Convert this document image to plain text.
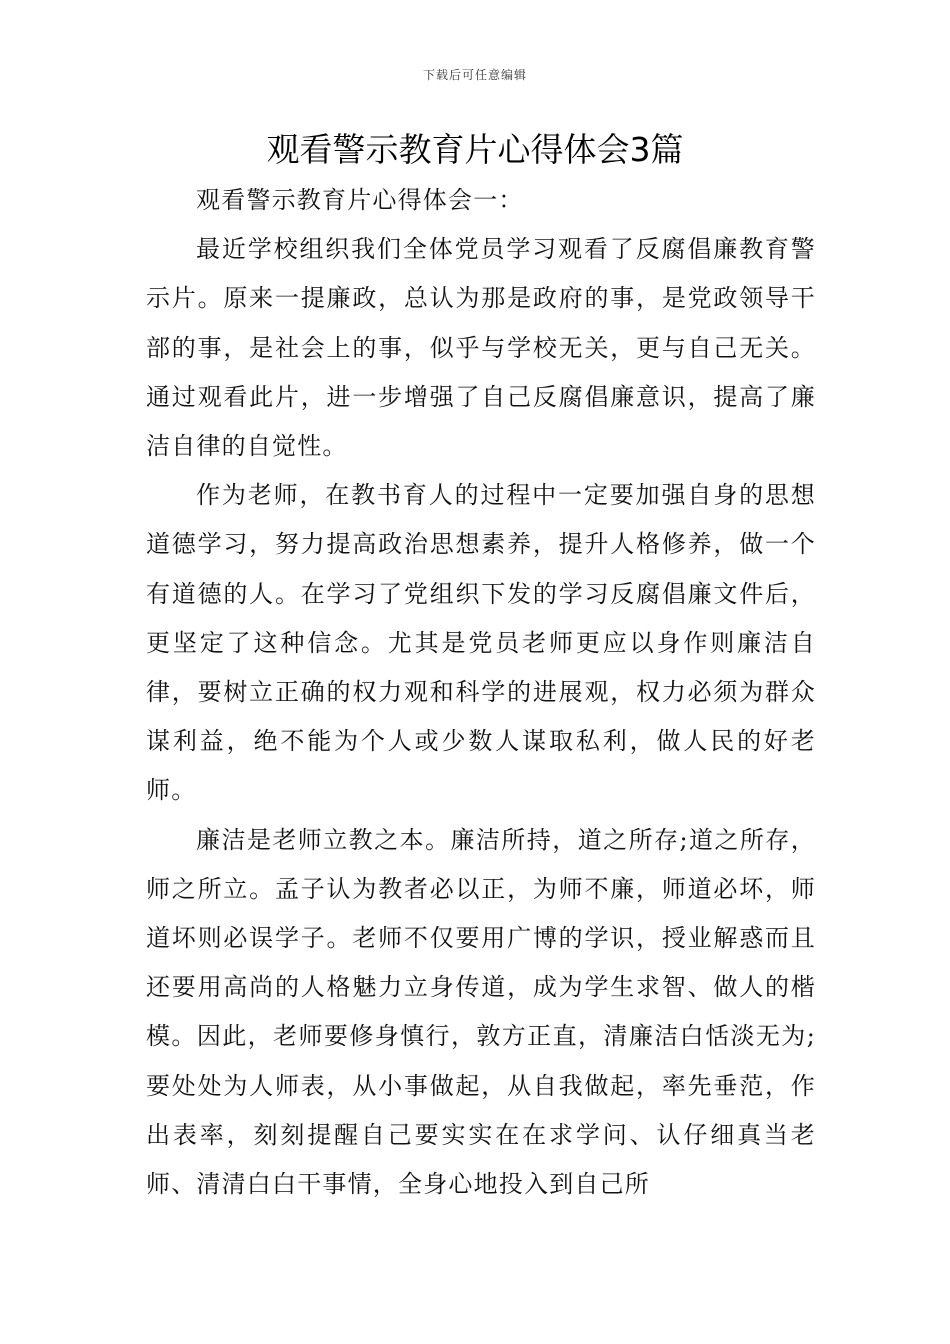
下载后可任意编辑
观看警示教育片心得体会3篇

观看警示教育片心得体会一：

最近学校组织我们全体党员学习观看了反腐倡廉教育警示片。原来一提廉政，总认为那是政府的事，是党政领导干部的事，是社会上的事，似乎与学校无关，更与自己无关。通过观看此片，进一步增强了自己反腐倡廉意识，提高了廉洁自律的自觉性。

作为老师，在教书育人的过程中一定要加强自身的思想道德学习，努力提高政治思想素养，提升人格修养，做一个有道德的人。在学习了党组织下发的学习反腐倡廉文件后，更坚定了这种信念。尤其是党员老师更应以身作则廉洁自律，要树立正确的权力观和科学的进展观，权力必须为群众谋利益，绝不能为个人或少数人谋取私利，做人民的好老师。

廉洁是老师立教之本。廉洁所持，道之所存;道之所存，师之所立。孟子认为教者必以正，为师不廉，师道必坏，师道坏则必误学子。老师不仅要用广博的学识，授业解惑而且还要用高尚的人格魅力立身传道，成为学生求智、做人的楷模。因此，老师要修身慎行，敦方正直，清廉洁白恬淡无为;要处处为人师表，从小事做起，从自我做起，率先垂范，作出表率，刻刻提醒自己要实实在在求学问、认仔细真当老师、清清白白干事情，全身心地投入到自己所
